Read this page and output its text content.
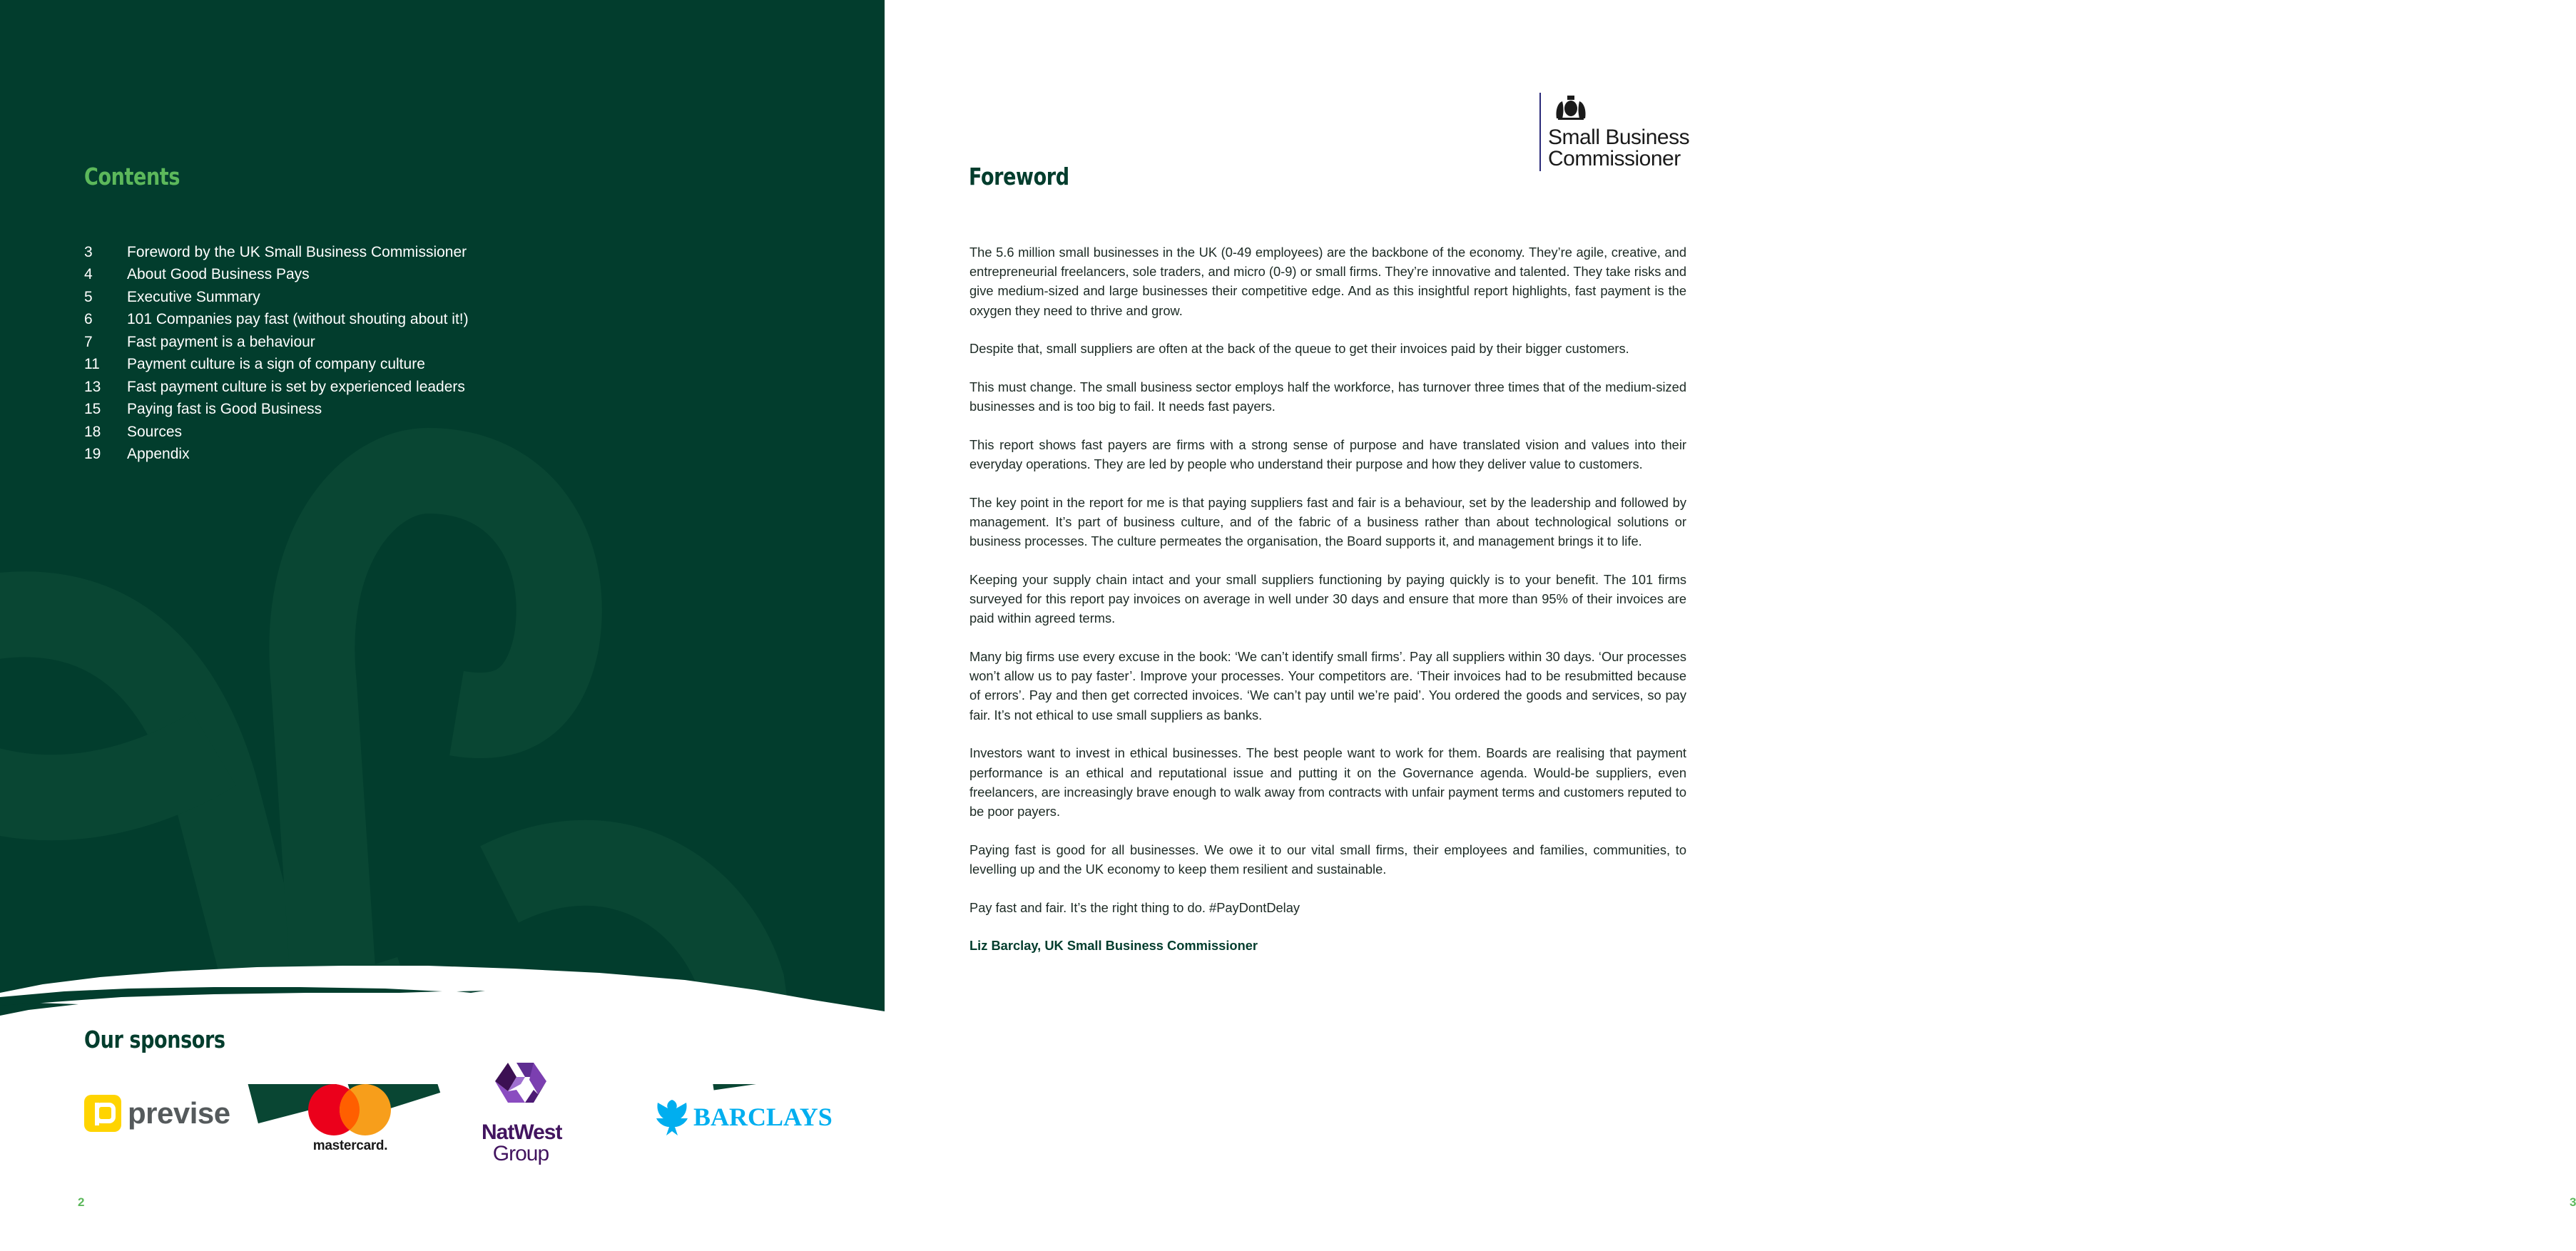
Contents
3	Foreword by the UK Small Business Commissioner
4	About Good Business Pays
5	Executive Summary
6	101 Companies pay fast (without shouting about it!)
7	Fast payment is a behaviour
11	Payment culture is a sign of company culture
13	Fast payment culture is set by experienced leaders
15	Paying fast is Good Business
18	Sources
19	Appendix
Our sponsors
previse
mastercard.
NatWest
Group
BARCLAYS
2
Small Business
Commissioner
Foreword

The 5.6 million small businesses in the UK (0-49 employees) are the backbone of the economy. They’re agile, creative, and entrepreneurial freelancers, sole traders, and micro (0-9) or small firms. They’re innovative and talented. They take risks and give medium-sized and large businesses their competitive edge. And as this insightful report highlights, fast payment is the oxygen they need to thrive and grow.

Despite that, small suppliers are often at the back of the queue to get their invoices paid by their bigger customers.

This must change. The small business sector employs half the workforce, has turnover three times that of the medium-sized businesses and is too big to fail. It needs fast payers.

This report shows fast payers are firms with a strong sense of purpose and have translated vision and values into their everyday operations. They are led by people who understand their purpose and how they deliver value to customers.

The key point in the report for me is that paying suppliers fast and fair is a behaviour, set by the leadership and followed by management. It’s part of business culture, and of the fabric of a business rather than about technological solutions or business processes. The culture permeates the organisation, the Board supports it, and management brings it to life.

Keeping your supply chain intact and your small suppliers functioning by paying quickly is to your benefit. The 101 firms surveyed for this report pay invoices on average in well under 30 days and ensure that more than 95% of their invoices are paid within agreed terms.

Many big firms use every excuse in the book: ‘We can’t identify small firms’. Pay all suppliers within 30 days. ‘Our processes won’t allow us to pay faster’. Improve your processes. Your competitors are. ‘Their invoices had to be resubmitted because of errors’. Pay and then get corrected invoices. ‘We can’t pay until we’re paid’. You ordered the goods and services, so pay fair. It’s not ethical to use small suppliers as banks.

Investors want to invest in ethical businesses. The best people want to work for them. Boards are realising that payment performance is an ethical and reputational issue and putting it on the Governance agenda. Would-be suppliers, even freelancers, are increasingly brave enough to walk away from contracts with unfair payment terms and customers reputed to be poor payers.

Paying fast is good for all businesses. We owe it to our vital small firms, their employees and families, communities, to levelling up and the UK economy to keep them resilient and sustainable.

Pay fast and fair. It’s the right thing to do. #PayDontDelay

Liz Barclay, UK Small Business Commissioner

3
